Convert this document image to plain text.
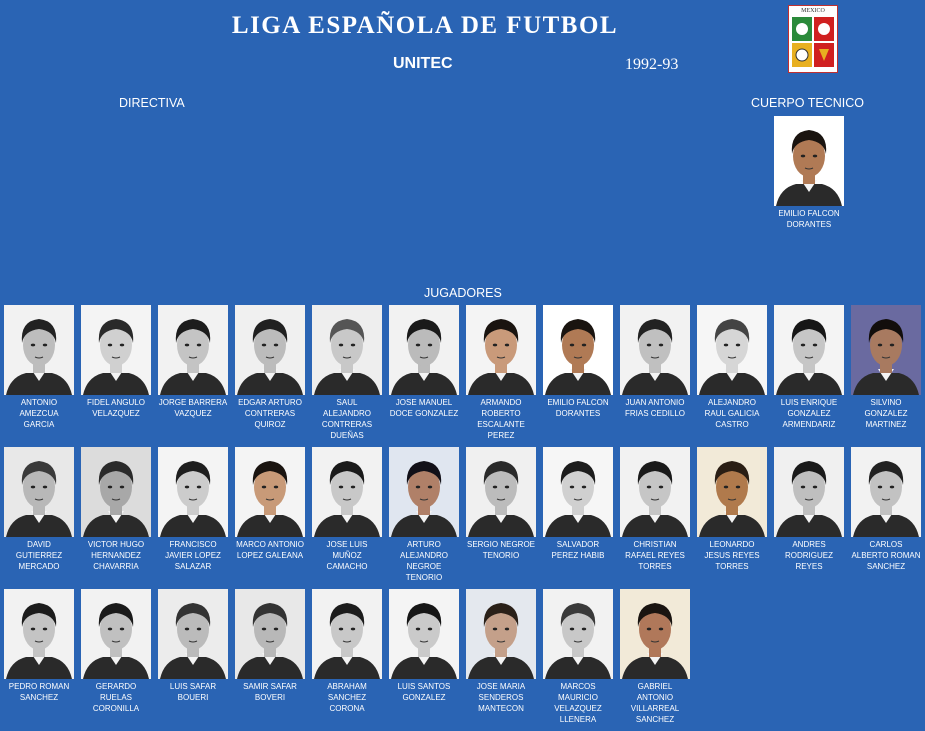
LIGA ESPAÑOLA DE FUTBOL
UNITEC	1992-93
MEXICO
DIRECTIVA	CUERPO TECNICO
JUGADORES
EMILIO FALCON DORANTES
ANTONIO AMEZCUA GARCIA
FIDEL ANGULO VELAZQUEZ
JORGE BARRERA VAZQUEZ
EDGAR ARTURO CONTRERAS QUIROZ
SAUL ALEJANDRO CONTRERAS DUEÑAS
JOSE MANUEL DOCE GONZALEZ
ARMANDO ROBERTO ESCALANTE PEREZ
EMILIO FALCON DORANTES
JUAN ANTONIO FRIAS CEDILLO
ALEJANDRO RAUL GALICIA CASTRO
LUIS ENRIQUE GONZALEZ ARMENDARIZ
SILVINO GONZALEZ MARTINEZ
DAVID GUTIERREZ MERCADO
VICTOR HUGO HERNANDEZ CHAVARRIA
FRANCISCO JAVIER LOPEZ SALAZAR
MARCO ANTONIO LOPEZ GALEANA
JOSE LUIS MUÑOZ CAMACHO
ARTURO ALEJANDRO NEGROE TENORIO
SERGIO NEGROE TENORIO
SALVADOR PEREZ HABIB
CHRISTIAN RAFAEL REYES TORRES
LEONARDO JESUS REYES TORRES
ANDRES RODRIGUEZ REYES
CARLOS ALBERTO ROMAN SANCHEZ
PEDRO ROMAN SANCHEZ
GERARDO RUELAS CORONILLA
LUIS SAFAR BOUERI
SAMIR SAFAR BOVERI
ABRAHAM SANCHEZ CORONA
LUIS SANTOS GONZALEZ
JOSE MARIA SENDEROS MANTECON
MARCOS MAURICIO VELAZQUEZ LLENERA
GABRIEL ANTONIO VILLARREAL SANCHEZ
